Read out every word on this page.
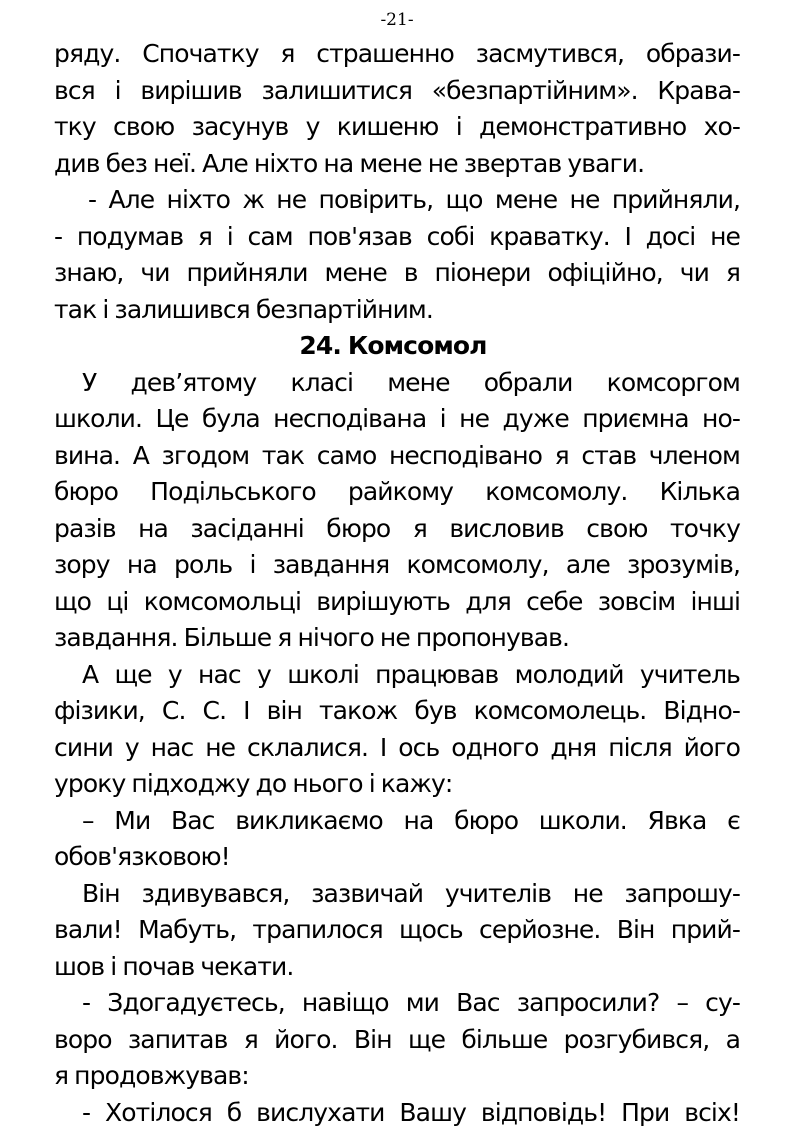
-21-
ряду. Спочатку я страшенно засмутився, образи-
вся і вирішив залишитися «безпартійним». Крава-
тку свою засунув у кишеню і демонстративно хо-
див без неї. Але ніхто на мене не звертав уваги.
- Але ніхто ж не повірить, що мене не прийняли,
- подумав я і сам пов'язав собі краватку. І досі не
знаю, чи прийняли мене в піонери офіційно, чи я
так і залишився безпартійним.
24. Комсомол
У дев’ятому класі мене обрали комсоргом
школи. Це була несподівана і не дуже приємна но-
вина. А згодом так само несподівано я став членом
бюро Подільського райкому комсомолу. Кілька
разів на засіданні бюро я висловив свою точку
зору на роль і завдання комсомолу, але зрозумів,
що ці комсомольці вирішують для себе зовсім інші
завдання. Більше я нічого не пропонував.
А ще у нас у школі працював молодий учитель
фізики, С. С. І він також був комсомолець. Відно-
сини у нас не склалися. І ось одного дня після його
уроку підходжу до нього і кажу:
– Ми Вас викликаємо на бюро школи. Явка є
обов'язковою!
Він здивувався, зазвичай учителів не запрошу-
вали! Мабуть, трапилося щось серйозне. Він прий-
шов і почав чекати.
- Здогадуєтесь, навіщо ми Вас запросили? – су-
воро запитав я його. Він ще більше розгубився, а
я продовжував:
- Хотілося б вислухати Вашу відповідь! При всіх!
